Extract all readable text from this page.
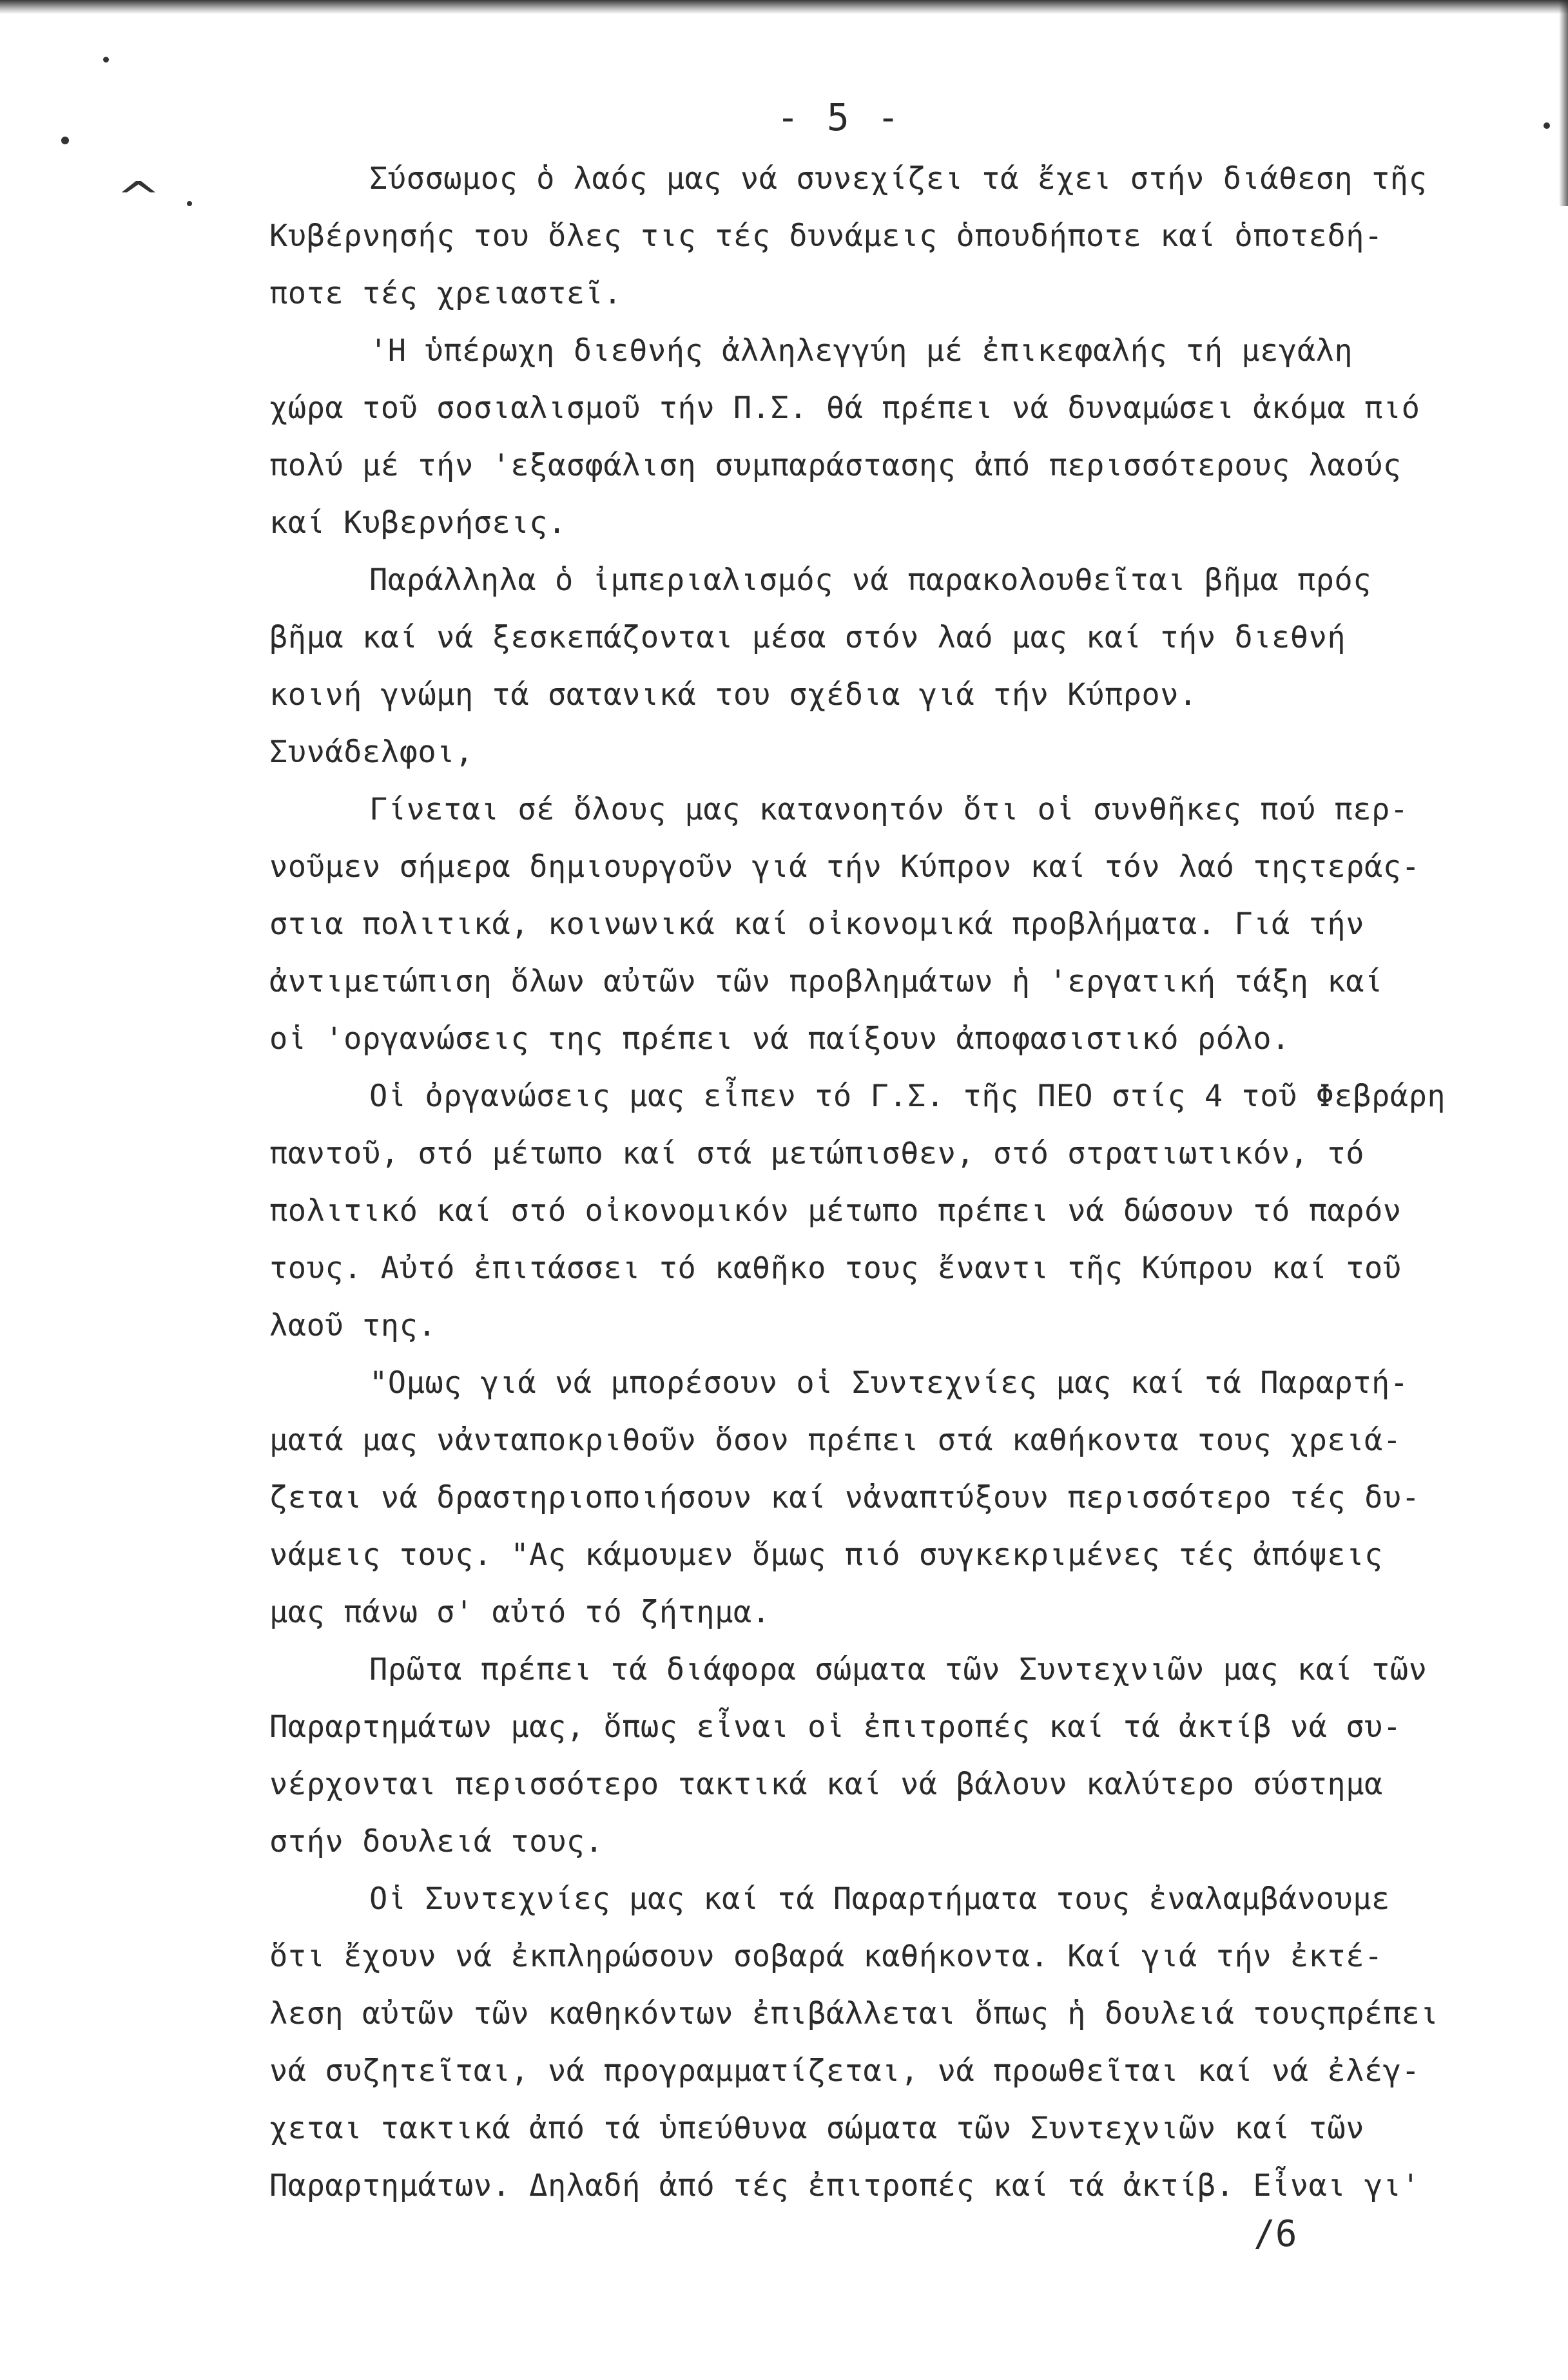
^
- 5 -
Σύσσωμος ὁ λαός μας νά συνεχίζει τά ἔχει στήν διάθεση τῆς
Κυβέρνησής του ὅλες τις τές δυνάμεις ὁπουδήποτε καί ὁποτεδή-
ποτε τές χρειαστεῖ.
'Η ὑπέρωχη διεθνής ἀλληλεγγύη μέ ἐπικεφαλής τή μεγάλη
χώρα τοῦ σοσιαλισμοῦ τήν Π.Σ. θά πρέπει νά δυναμώσει ἀκόμα πιό
πολύ μέ τήν 'εξασφάλιση συμπαράστασης ἀπό περισσότερους λαούς
καί Κυβερνήσεις.
Παράλληλα ὁ ἰμπεριαλισμός νά παρακολουθεῖται βῆμα πρός
βῆμα καί νά ξεσκεπάζονται μέσα στόν λαό μας καί τήν διεθνή
κοινή γνώμη τά σατανικά του σχέδια γιά τήν Κύπρον.
Συνάδελφοι,
Γίνεται σέ ὅλους μας κατανοητόν ὅτι οἱ συνθῆκες πού περ-
νοῦμεν σήμερα δημιουργοῦν γιά τήν Κύπρον καί τόν λαό τηςτεράς-
στια πολιτικά, κοινωνικά καί οἰκονομικά προβλήματα. Γιά τήν
ἀντιμετώπιση ὅλων αὐτῶν τῶν προβλημάτων ἡ 'εργατική τάξη καί
οἱ 'οργανώσεις της πρέπει νά παίξουν ἀποφασιστικό ρόλο.
Οἱ ὀργανώσεις μας εἶπεν τό Γ.Σ. τῆς ΠΕΟ στίς 4 τοῦ Φεβράρη
παντοῦ, στό μέτωπο καί στά μετώπισθεν, στό στρατιωτικόν, τό
πολιτικό καί στό οἰκονομικόν μέτωπο πρέπει νά δώσουν τό παρόν
τους. Αὐτό ἐπιτάσσει τό καθῆκο τους ἔναντι τῆς Κύπρου καί τοῦ
λαοῦ της.
"Ομως γιά νά μπορέσουν οἱ Συντεχνίες μας καί τά Παραρτή-
ματά μας νἀνταποκριθοῦν ὅσον πρέπει στά καθήκοντα τους χρειά-
ζεται νά δραστηριοποιήσουν καί νἀναπτύξουν περισσότερο τές δυ-
νάμεις τους. "Ας κάμουμεν ὅμως πιό συγκεκριμένες τές ἀπόψεις
μας πάνω σ' αὐτό τό ζήτημα.
Πρῶτα πρέπει τά διάφορα σώματα τῶν Συντεχνιῶν μας καί τῶν
Παραρτημάτων μας, ὅπως εἶναι οἱ ἐπιτροπές καί τά ἀκτίβ νά συ-
νέρχονται περισσότερο τακτικά καί νά βάλουν καλύτερο σύστημα
στήν δουλειά τους.
Οἱ Συντεχνίες μας καί τά Παραρτήματα τους ἐναλαμβάνουμε
ὅτι ἔχουν νά ἐκπληρώσουν σοβαρά καθήκοντα. Καί γιά τήν ἐκτέ-
λεση αὐτῶν τῶν καθηκόντων ἐπιβάλλεται ὅπως ἡ δουλειά τουςπρέπει
νά συζητεῖται, νά προγραμματίζεται, νά προωθεῖται καί νά ἐλέγ-
χεται τακτικά ἀπό τά ὑπεύθυνα σώματα τῶν Συντεχνιῶν καί τῶν
Παραρτημάτων. Δηλαδή ἀπό τές ἐπιτροπές καί τά ἀκτίβ. Εἶναι γι'
/6
